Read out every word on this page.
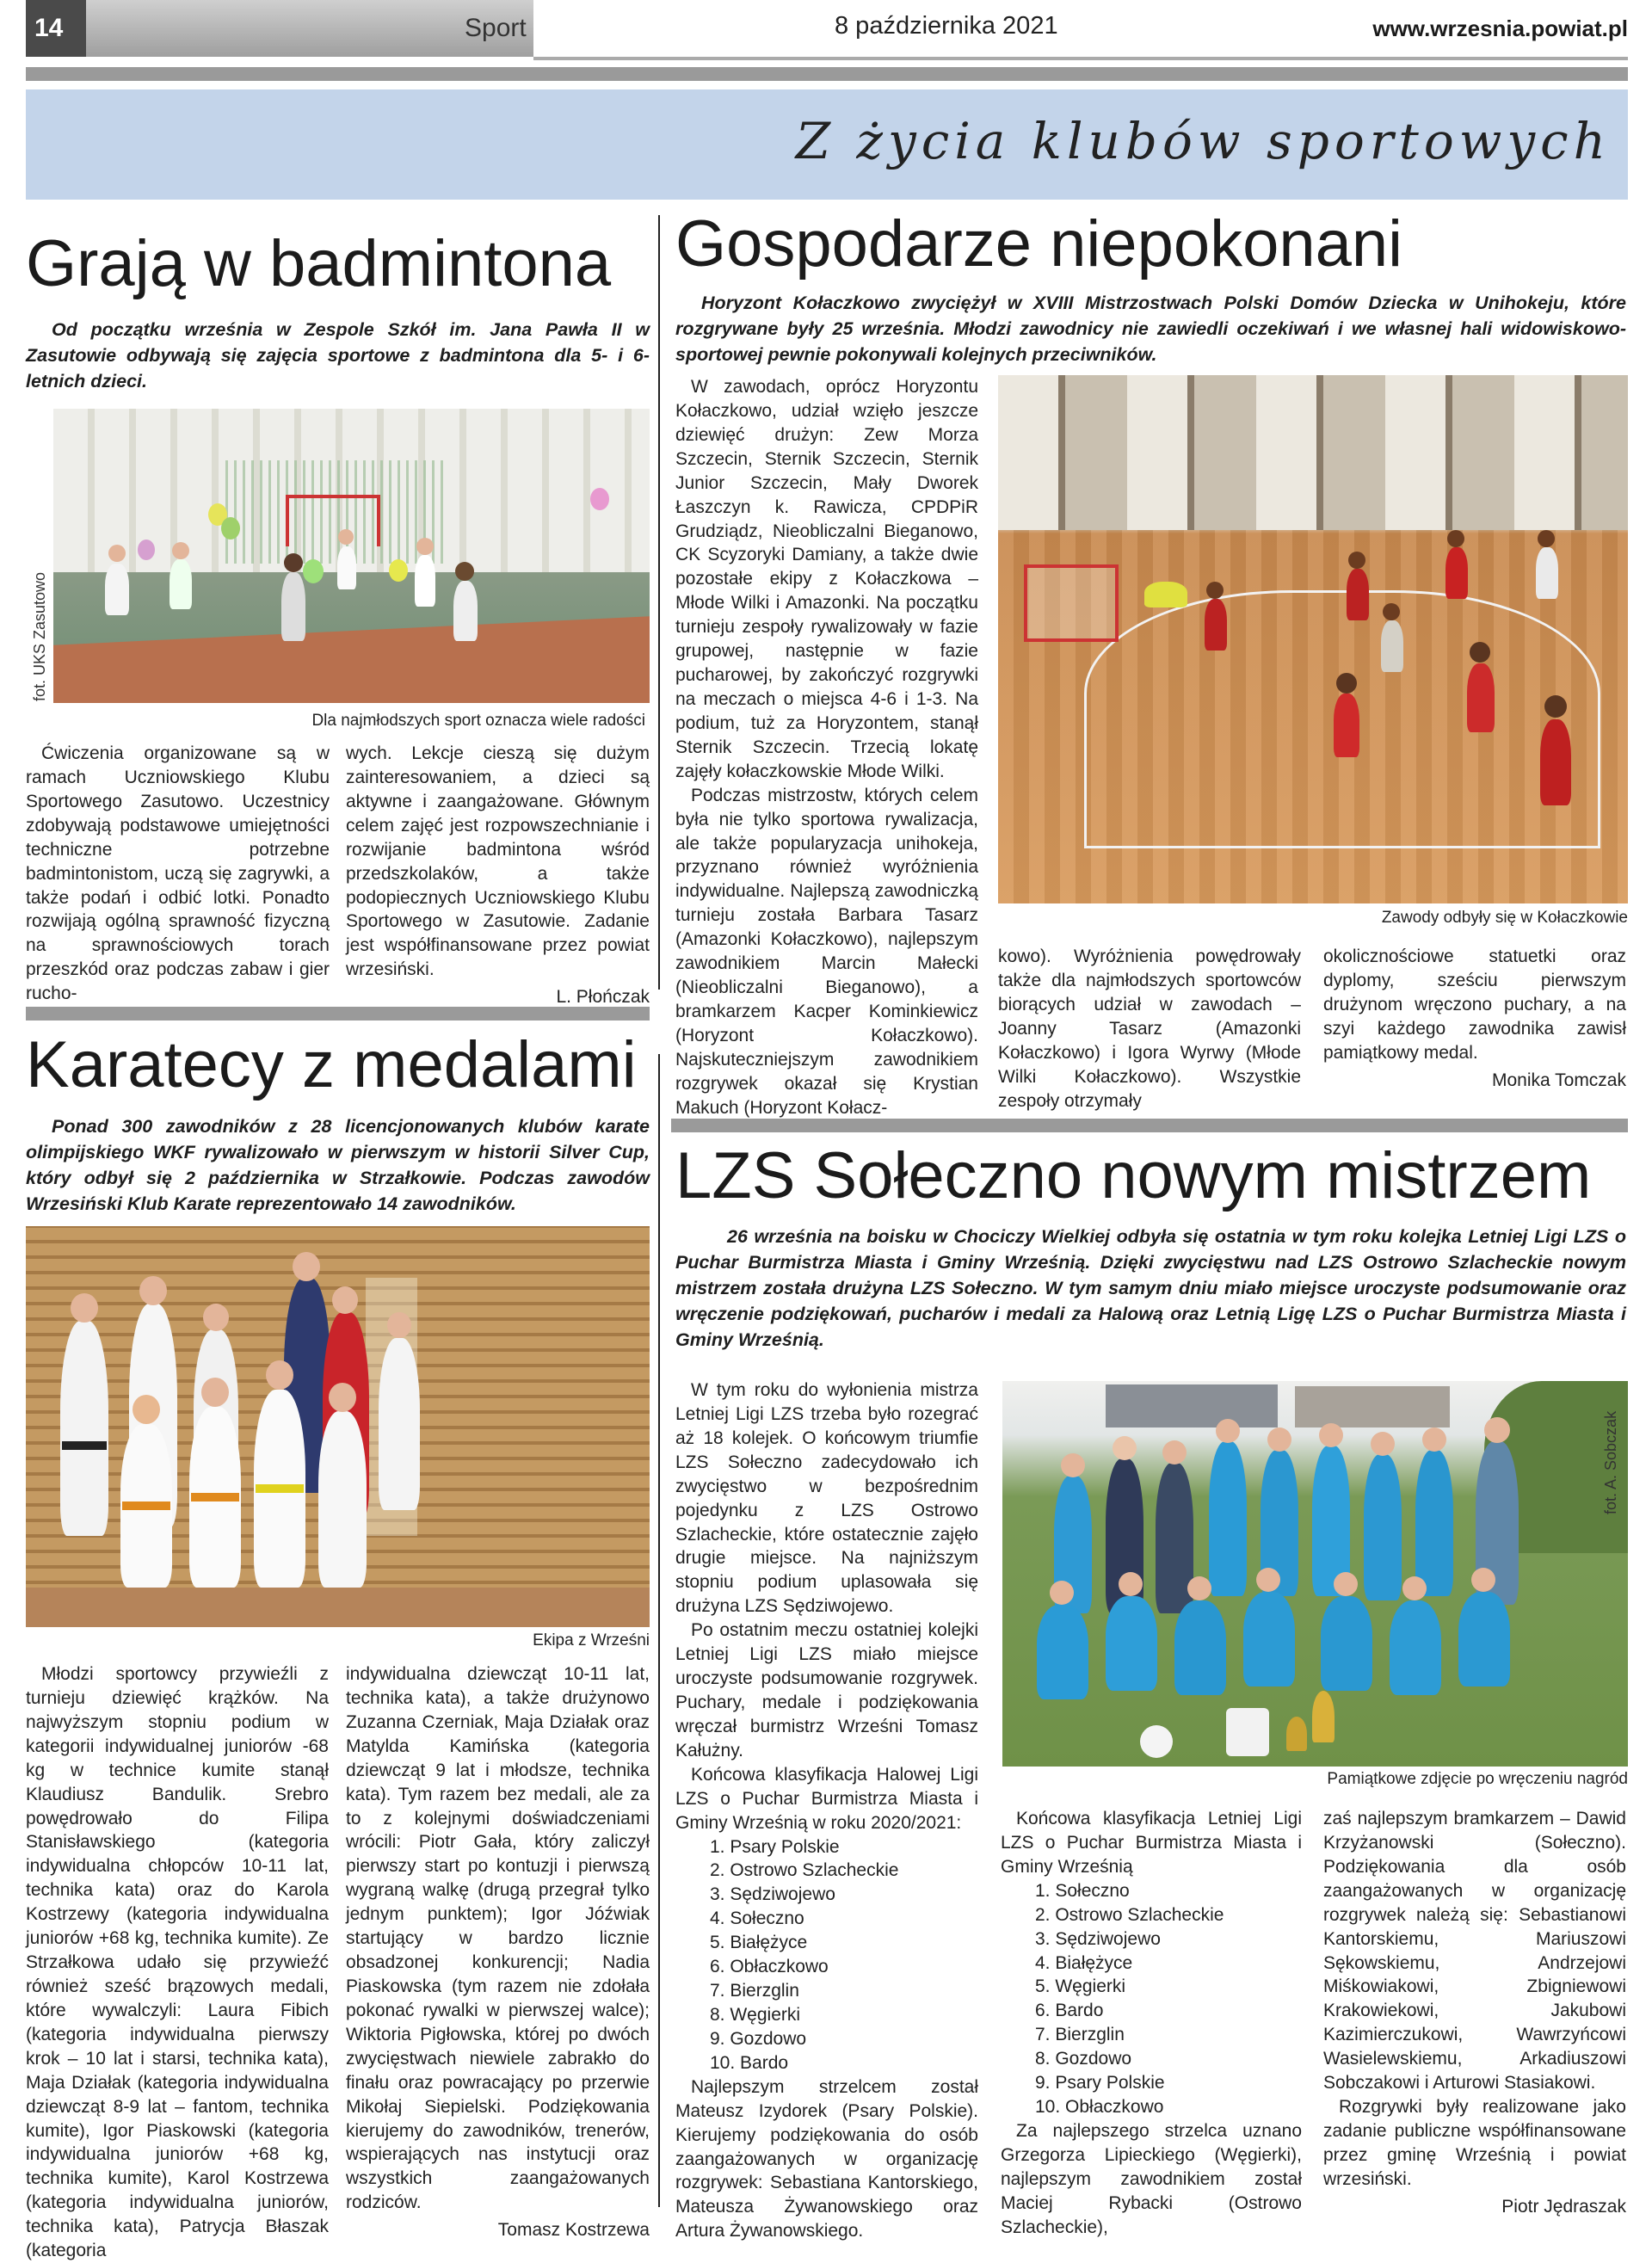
14	Sport	8 października 2021	www.wrzesnia.powiat.pl
Z życia klubów sportowych
Grają w badmintona
Od początku września w Zespole Szkół im. Jana Pawła II w Zasutowie odbywają się zajęcia sportowe z badmintona dla 5- i 6-letnich dzieci.
fot. UKS Zasutowo
Dla najmłodszych sport oznacza wiele radości
Ćwiczenia organizowane są w ramach Uczniowskiego Klubu Sportowego Zasutowo. Uczestnicy zdobywają podstawowe umiejętności techniczne potrzebne badmintonistom, uczą się zagrywki, a także podań i odbić lotki. Ponadto rozwijają ogólną sprawność fizyczną na sprawnościowych torach przeszkód oraz podczas zabaw i gier rucho-
wych. Lekcje cieszą się dużym zainteresowaniem, a dzieci są aktywne i zaangażowane. Głównym celem zajęć jest rozpowszechnianie i rozwijanie badmintona wśród przedszkolaków, a także podopiecznych Uczniowskiego Klubu Sportowego w Zasutowie. Zadanie jest współfinansowane przez powiat wrzesiński.
L. Płończak
Gospodarze niepokonani
Horyzont Kołaczkowo zwyciężył w XVIII Mistrzostwach Polski Domów Dziecka w Unihokeju, które rozgrywane były 25 września. Młodzi zawodnicy nie zawiedli oczekiwań i we własnej hali widowiskowo-sportowej pewnie pokonywali kolejnych przeciwników.

W zawodach, oprócz Horyzontu Kołaczkowo, udział wzięło jeszcze dziewięć drużyn: Zew Morza Szczecin, Sternik Szczecin, Sternik Junior Szczecin, Mały Dworek Łaszczyn k. Rawicza, CPDPiR Grudziądz, Nieobliczalni Bieganowo, CK Scyzoryki Damiany, a także dwie pozostałe ekipy z Kołaczkowa – Młode Wilki i Amazonki. Na początku turnieju zespoły rywalizowały w fazie grupowej, następnie w fazie pucharowej, by zakończyć rozgrywki na meczach o miejsca 4-6 i 1-3. Na podium, tuż za Horyzontem, stanął Sternik Szczecin. Trzecią lokatę zajęły kołaczkowskie Młode Wilki.

Podczas mistrzostw, których celem była nie tylko sportowa rywalizacja, ale także popularyzacja unihokeja, przyznano również wyróżnienia indywidualne. Najlepszą zawodniczką turnieju została Barbara Tasarz (Amazonki Kołaczkowo), najlepszym zawodnikiem Marcin Małecki (Nieobliczalni Bieganowo), a bramkarzem Kacper Kominkiewicz (Horyzont Kołaczkowo). Najskuteczniejszym zawodnikiem rozgrywek okazał się Krystian Makuch (Horyzont Kołacz-

Zawody odbyły się w Kołaczkowie
kowo). Wyróżnienia powędrowały także dla najmłodszych sportowców biorących udział w zawodach – Joanny Tasarz (Amazonki Kołaczkowo) i Igora Wyrwy (Młode Wilki Kołaczkowo). Wszystkie zespoły otrzymały
okolicznościowe statuetki oraz dyplomy, sześciu pierwszym drużynom wręczono puchary, a na szyi każdego zawodnika zawisł pamiątkowy medal.
Monika Tomczak
Karatecy z medalami
Ponad 300 zawodników z 28 licencjonowanych klubów karate olimpijskiego WKF rywalizowało w pierwszym w historii Silver Cup, który odbył się 2 października w Strzałkowie. Podczas zawodów Wrzesiński Klub Karate reprezentowało 14 zawodników.
Ekipa z Wrześni
Młodzi sportowcy przywieźli z turnieju dziewięć krążków. Na najwyższym stopniu podium w kategorii indywidualnej juniorów -68 kg w technice kumite stanął Klaudiusz Bandulik. Srebro powędrowało do Filipa Stanisławskiego (kategoria indywidualna chłopców 10-11 lat, technika kata) oraz do Karola Kostrzewy (kategoria indywidualna juniorów +68 kg, technika kumite). Ze Strzałkowa udało się przywieźć również sześć brązowych medali, które wywalczyli: Laura Fibich (kategoria indywidualna pierwszy krok – 10 lat i starsi, technika kata), Maja Działak (kategoria indywidualna dziewcząt 8-9 lat – fantom, technika kumite), Igor Piaskowski (kategoria indywidualna juniorów +68 kg, technika kumite), Karol Kostrzewa (kategoria indywidualna juniorów, technika kata), Patrycja Błaszak (kategoria
indywidualna dziewcząt 10-11 lat, technika kata), a także drużynowo Zuzanna Czerniak, Maja Działak oraz Matylda Kamińska (kategoria dziewcząt 9 lat i młodsze, technika kata). Tym razem bez medali, ale za to z kolejnymi doświadczeniami wrócili: Piotr Gała, który zaliczył pierwszy start po kontuzji i pierwszą wygraną walkę (drugą przegrał tylko jednym punktem); Igor Jóźwiak startujący w bardzo licznie obsadzonej konkurencji; Nadia Piaskowska (tym razem nie zdołała pokonać rywalki w pierwszej walce); Wiktoria Pigłowska, której po dwóch zwycięstwach niewiele zabrakło do finału oraz powracający po przerwie Mikołaj Siepielski. Podziękowania kierujemy do zawodników, trenerów, wspierających nas instytucji oraz wszystkich zaangażowanych rodziców.
Tomasz Kostrzewa
LZS Sołeczno nowym mistrzem
26 września na boisku w Chociczy Wielkiej odbyła się ostatnia w tym roku kolejka Letniej Ligi LZS o Puchar Burmistrza Miasta i Gminy Wrześnią. Dzięki zwycięstwu nad LZS Ostrowo Szlacheckie nowym mistrzem została drużyna LZS Sołeczno. W tym samym dniu miało miejsce uroczyste podsumowanie oraz wręczenie podziękowań, pucharów i medali za Halową oraz Letnią Ligę LZS o Puchar Burmistrza Miasta i Gminy Wrześnią.

W tym roku do wyłonienia mistrza Letniej Ligi LZS trzeba było rozegrać aż 18 kolejek. O końcowym triumfie LZS Sołeczno zadecydowało ich zwycięstwo w bezpośrednim pojedynku z LZS Ostrowo Szlacheckie, które ostatecznie zajęło drugie miejsce. Na najniższym stopniu podium uplasowała się drużyna LZS Sędziwojewo.

Po ostatnim meczu ostatniej kolejki Letniej Ligi LZS miało miejsce uroczyste podsumowanie rozgrywek. Puchary, medale i podziękowania wręczał burmistrz Wrześni Tomasz Kałużny.

Końcowa klasyfikacja Halowej Ligi LZS o Puchar Burmistrza Miasta i Gminy Wrześnią w roku 2020/2021:

1. Psary Polskie
2. Ostrowo Szlacheckie
3. Sędziwojewo
4. Sołeczno
5. Białężyce
6. Obłaczkowo
7. Bierzglin
8. Węgierki
9. Gozdowo
10. Bardo

Najlepszym strzelcem został Mateusz Izydorek (Psary Polskie). Kierujemy podziękowania do osób zaangażowanych w organizację rozgrywek: Sebastiana Kantorskiego, Mateusza Żywanowskiego oraz Artura Żywanowskiego.

fot. A. Sobczak
Pamiątkowe zdjęcie po wręczeniu nagród

Końcowa klasyfikacja Letniej Ligi LZS o Puchar Burmistrza Miasta i Gminy Wrześnią

1. Sołeczno
2. Ostrowo Szlacheckie
3. Sędziwojewo
4. Białężyce
5. Węgierki
6. Bardo
7. Bierzglin
8. Gozdowo
9. Psary Polskie
10. Obłaczkowo

Za najlepszego strzelca uznano Grzegorza Lipieckiego (Węgierki), najlepszym zawodnikiem został Maciej Rybacki (Ostrowo Szlacheckie),

zaś najlepszym bramkarzem – Dawid Krzyżanowski (Sołeczno). Podziękowania dla osób zaangażowanych w organizację rozgrywek należą się: Sebastianowi Kantorskiemu, Mariuszowi Sękowskiemu, Andrzejowi Miśkowiakowi, Zbigniewowi Krakowiekowi, Jakubowi Kazimierczukowi, Wawrzyńcowi Wasielewskiemu, Arkadiuszowi Sobczakowi i Arturowi Stasiakowi.

Rozgrywki były realizowane jako zadanie publiczne współfinansowane przez gminę Wrześnią i powiat wrzesiński.

Piotr Jędraszak
